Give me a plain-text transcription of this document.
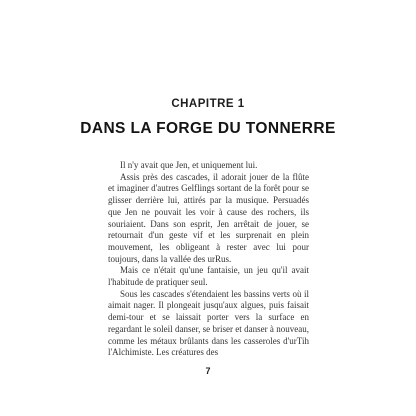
CHAPITRE 1
DANS LA FORGE DU TONNERRE

Il n'y avait que Jen, et uniquement lui.

Assis près des cascades, il adorait jouer de la flûte et imaginer d'autres Gelflings sortant de la forêt pour se glisser derrière lui, attirés par la musique. Persuadés que Jen ne pouvait les voir à cause des rochers, ils souriaient. Dans son esprit, Jen arrêtait de jouer, se retournait d'un geste vif et les surprenait en plein mouvement, les obligeant à rester avec lui pour toujours, dans la vallée des urRus.

Mais ce n'était qu'une fantaisie, un jeu qu'il avait l'habitude de pratiquer seul.

Sous les cascades s'étendaient les bassins verts où il aimait nager. Il plongeait jusqu'aux algues, puis faisait demi-tour et se laissait porter vers la surface en regardant le soleil danser, se briser et danser à nouveau, comme les métaux brûlants dans les casseroles d'urTih l'Alchimiste. Les créatures des

7
